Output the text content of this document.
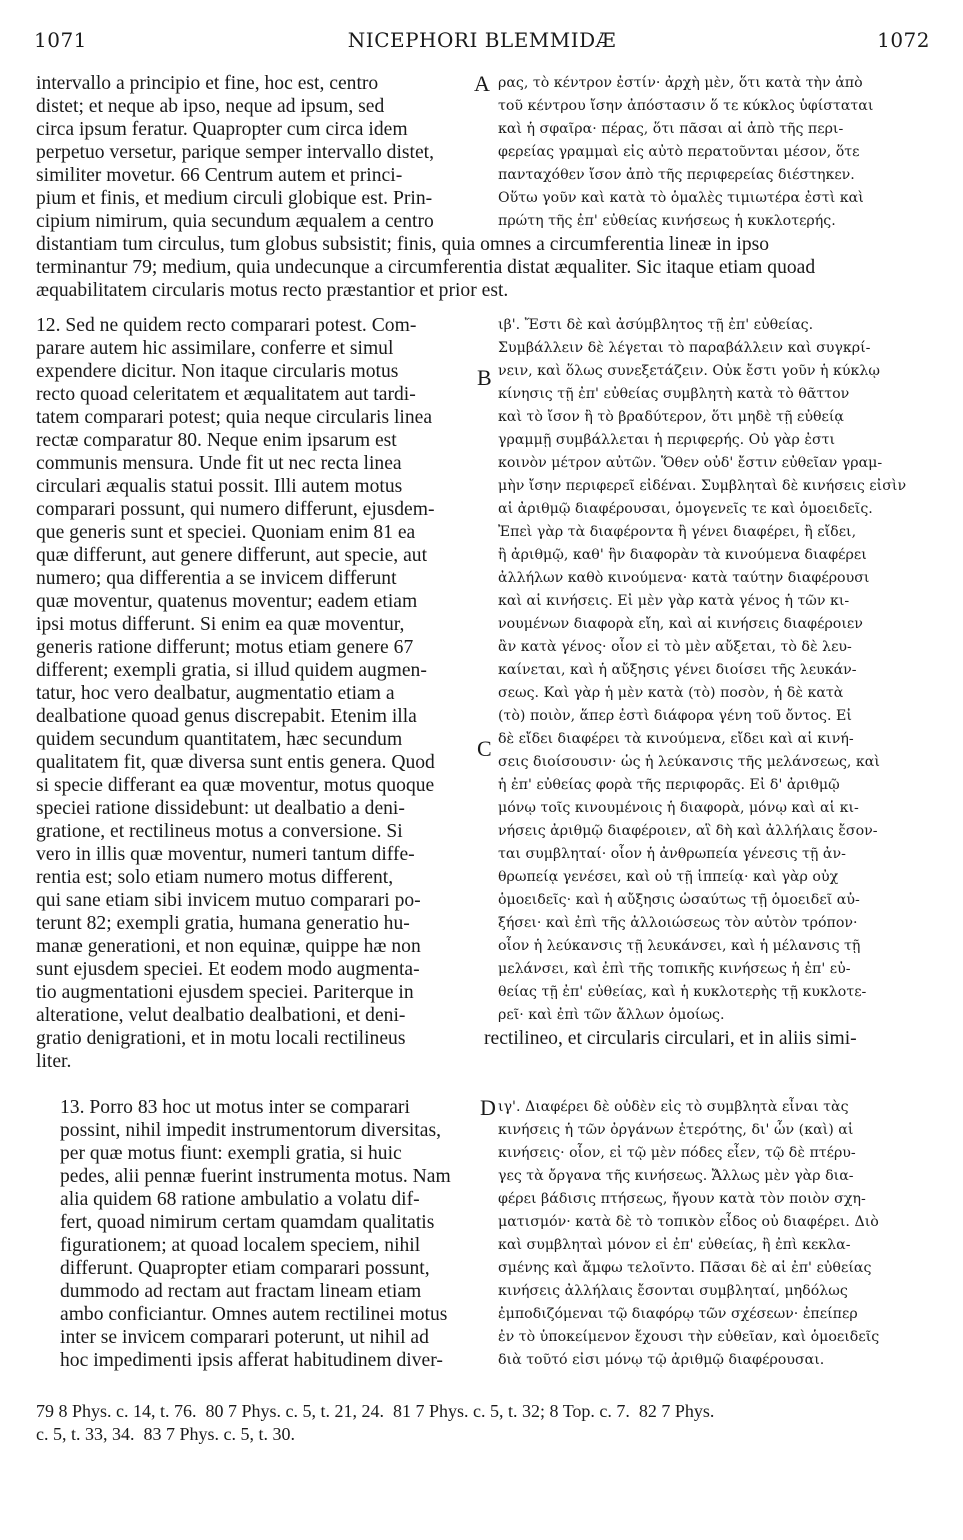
1071	NICEPHORI BLEMMIDÆ	1072
A
B
C
D
intervallo a principio et fine, hoc est, centro
distet; et neque ab ipso, neque ad ipsum, sed
circa ipsum feratur. Quapropter cum circa idem
perpetuo versetur, parique semper intervallo distet,
similiter movetur. 66 Centrum autem et princi-
pium et finis, et medium circuli globique est. Prin-
cipium nimirum, quia secundum æqualem a centro
ρας, τὸ κέντρον ἐστίν· ἀρχὴ μὲν, ὅτι κατὰ τὴν ἀπὸ
τοῦ κέντρου ἴσην ἀπόστασιν ὅ τε κύκλος ὑφίσταται
καὶ ἡ σφαῖρα· πέρας, ὅτι πᾶσαι αἱ ἀπὸ τῆς περι-
φερείας γραμμαὶ εἰς αὐτὸ περατοῦνται μέσον, ὅτε
πανταχόθεν ἴσον ἀπὸ τῆς περιφερείας διέστηκεν.
Οὕτω γοῦν καὶ κατὰ τὸ ὁμαλὲς τιμιωτέρα ἐστὶ καὶ
πρώτη τῆς ἐπ' εὐθείας κινήσεως ἡ κυκλοτερής.
distantiam tum circulus, tum globus subsistit; finis, quia omnes a circumferentia lineæ in ipso
terminantur 79; medium, quia undecunque a circumferentia distat æqualiter. Sic itaque etiam quoad
æquabilitatem circularis motus recto præstantior et prior est.
12. Sed ne quidem recto comparari potest. Com-
parare autem hic assimilare, conferre et simul
expendere dicitur. Non itaque circularis motus
recto quoad celeritatem et æqualitatem aut tardi-
tatem comparari potest; quia neque circularis linea
rectæ comparatur 80. Neque enim ipsarum est
communis mensura. Unde fit ut nec recta linea
circulari æqualis statui possit. Illi autem motus
comparari possunt, qui numero differunt, ejusdem-
que generis sunt et speciei. Quoniam enim 81 ea
quæ differunt, aut genere differunt, aut specie, aut
numero; qua differentia a se invicem differunt
quæ moventur, quatenus moventur; eadem etiam
ipsi motus differunt. Si enim ea quæ moventur,
generis ratione differunt; motus etiam genere 67
different; exempli gratia, si illud quidem augmen-
tatur, hoc vero dealbatur, augmentatio etiam a
dealbatione quoad genus discrepabit. Etenim illa
quidem secundum quantitatem, hæc secundum
qualitatem fit, quæ diversa sunt entis genera. Quod
si specie differant ea quæ moventur, motus quoque
speciei ratione dissidebunt: ut dealbatio a deni-
gratione, et rectilineus motus a conversione. Si
vero in illis quæ moventur, numeri tantum diffe-
rentia est; solo etiam numero motus different,
qui sane etiam sibi invicem mutuo comparari po-
terunt 82; exempli gratia, humana generatio hu-
manæ generationi, et non equinæ, quippe hæ non
sunt ejusdem speciei. Et eodem modo augmenta-
tio augmentationi ejusdem speciei. Pariterque in
alteratione, velut dealbatio dealbationi, et deni-
gratio denigrationi, et in motu locali rectilineus
ιβ'. Ἔστι δὲ καὶ ἀσύμβλητος τῇ ἐπ' εὐθείας.
Συμβάλλειν δὲ λέγεται τὸ παραβάλλειν καὶ συγκρί-
νειν, καὶ ὅλως συνεξετάζειν. Οὐκ ἔστι γοῦν ἡ κύκλῳ
κίνησις τῇ ἐπ' εὐθείας συμβλητὴ κατὰ τὸ θᾶττον
καὶ τὸ ἴσον ἢ τὸ βραδύτερον, ὅτι μηδὲ τῇ εὐθείᾳ
γραμμῇ συμβάλλεται ἡ περιφερής. Οὐ γὰρ ἐστι
κοινὸν μέτρον αὐτῶν. Ὅθεν οὐδ' ἔστιν εὐθεῖαν γραμ-
μὴν ἴσην περιφερεῖ εἰδέναι. Συμβληταὶ δὲ κινήσεις εἰσὶν
αἱ ἀριθμῷ διαφέρουσαι, ὁμογενεῖς τε καὶ ὁμοειδεῖς.
Ἐπεὶ γὰρ τὰ διαφέροντα ἢ γένει διαφέρει, ἢ εἴδει,
ἢ ἀριθμῷ, καθ' ἣν διαφορὰν τὰ κινούμενα διαφέρει
ἀλλήλων καθὸ κινούμενα· κατὰ ταύτην διαφέρουσι
καὶ αἱ κινήσεις. Εἰ μὲν γὰρ κατὰ γένος ἡ τῶν κι-
νουμένων διαφορὰ εἴη, καὶ αἱ κινήσεις διαφέροιεν
ἂν κατὰ γένος· οἷον εἰ τὸ μὲν αὔξεται, τὸ δὲ λευ-
καίνεται, καὶ ἡ αὔξησις γένει διοίσει τῆς λευκάν-
σεως. Καὶ γὰρ ἡ μὲν κατὰ (τὸ) ποσὸν, ἡ δὲ κατὰ
(τὸ) ποιὸν, ἅπερ ἐστὶ διάφορα γένη τοῦ ὄντος. Εἰ
δὲ εἴδει διαφέρει τὰ κινούμενα, εἴδει καὶ αἱ κινή-
σεις διοίσουσιν· ὡς ἡ λεύκανσις τῆς μελάνσεως, καὶ
ἡ ἐπ' εὐθείας φορὰ τῆς περιφορᾶς. Εἰ δ' ἀριθμῷ
μόνῳ τοῖς κινουμένοις ἡ διαφορὰ, μόνῳ καὶ αἱ κι-
νήσεις ἀριθμῷ διαφέροιεν, αἳ δὴ καὶ ἀλλήλαις ἔσον-
ται συμβληταί· οἷον ἡ ἀνθρωπεία γένεσις τῇ ἀν-
θρωπείᾳ γενέσει, καὶ οὐ τῇ ἱππείᾳ· καὶ γὰρ οὐχ
ὁμοειδεῖς· καὶ ἡ αὔξησις ὡσαύτως τῇ ὁμοειδεῖ αὐ-
ξήσει· καὶ ἐπὶ τῆς ἀλλοιώσεως τὸν αὐτὸν τρόπον·
οἷον ἡ λεύκανσις τῇ λευκάνσει, καὶ ἡ μέλανσις τῇ
μελάνσει, καὶ ἐπὶ τῆς τοπικῆς κινήσεως ἡ ἐπ' εὐ-
θείας τῇ ἐπ' εὐθείας, καὶ ἡ κυκλοτερὴς τῇ κυκλοτε-
ρεῖ· καὶ ἐπὶ τῶν ἄλλων ὁμοίως.
rectilineo, et circularis circulari, et in aliis simi-
liter.
13. Porro 83 hoc ut motus inter se comparari
possint, nihil impedit instrumentorum diversitas,
per quæ motus fiunt: exempli gratia, si huic
pedes, alii pennæ fuerint instrumenta motus. Nam
alia quidem 68 ratione ambulatio a volatu dif-
fert, quoad nimirum certam quamdam qualitatis
figurationem; at quoad localem speciem, nihil
differunt. Quapropter etiam comparari possunt,
dummodo ad rectam aut fractam lineam etiam
ambo conficiantur. Omnes autem rectilinei motus
inter se invicem comparari poterunt, ut nihil ad
hoc impedimenti ipsis afferat habitudinem diver-
ιγ'. Διαφέρει δὲ οὐδὲν εἰς τὸ συμβλητὰ εἶναι τὰς
κινήσεις ἡ τῶν ὀργάνων ἑτερότης, δι' ὧν (καὶ) αἱ
κινήσεις· οἷον, εἰ τῷ μὲν πόδες εἶεν, τῷ δὲ πτέρυ-
γες τὰ ὄργανα τῆς κινήσεως. Ἄλλως μὲν γὰρ δια-
φέρει βάδισις πτήσεως, ἤγουν κατὰ τὸν ποιὸν σχη-
ματισμόν· κατὰ δὲ τὸ τοπικὸν εἶδος οὐ διαφέρει. Διὸ
καὶ συμβληταὶ μόνον εἰ ἐπ' εὐθείας, ἢ ἐπὶ κεκλα-
σμένης καὶ ἄμφω τελοῖντο. Πᾶσαι δὲ αἱ ἐπ' εὐθείας
κινήσεις ἀλλήλαις ἔσονται συμβληταί, μηδόλως
ἐμποδιζόμεναι τῷ διαφόρῳ τῶν σχέσεων· ἐπείπερ
ἐν τὸ ὑποκείμενον ἔχουσι τὴν εὐθεῖαν, καὶ ὁμοειδεῖς
διὰ τοῦτό εἰσι μόνῳ τῷ ἀριθμῷ διαφέρουσαι.
79 8 Phys. c. 14, t. 76.  80 7 Phys. c. 5, t. 21, 24.  81 7 Phys. c. 5, t. 32; 8 Top. c. 7.  82 7 Phys.
c. 5, t. 33, 34.  83 7 Phys. c. 5, t. 30.
